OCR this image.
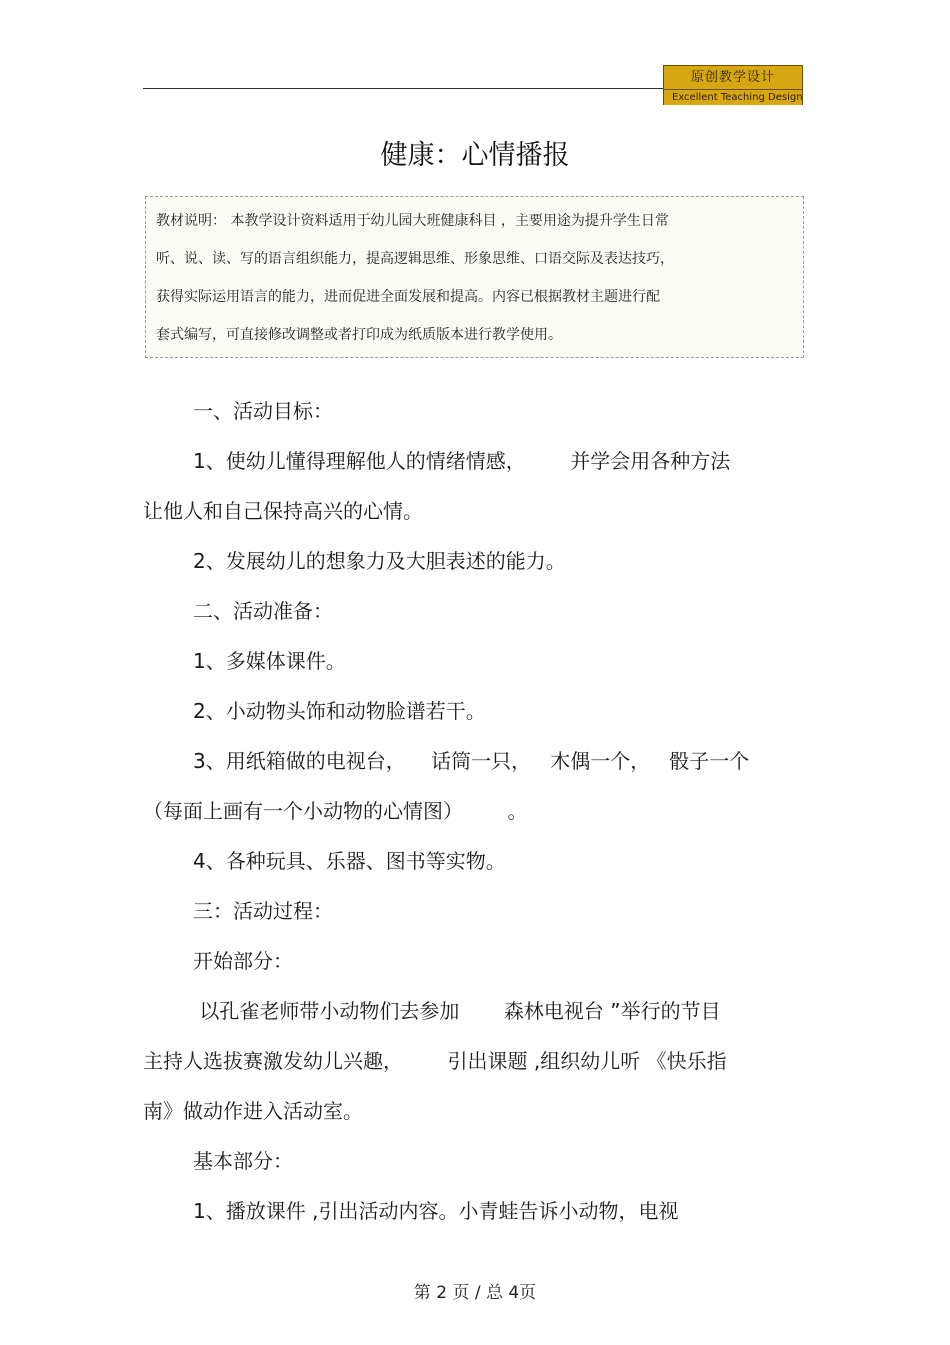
原创教学设计
Excellent Teaching Design
健康：心情播报
教材说明： 本教学设计资料适用于幼儿园大班健康科目 ，主要用途为提升学生日常
听、说、读、写的语言组织能力，提高逻辑思维、形象思维、口语交际及表达技巧，
获得实际运用语言的能力，进而促进全面发展和提高。内容已根据教材主题进行配
套式编写，可直接修改调整或者打印成为纸质版本进行教学使用。
一、活动目标：
1、使幼儿懂得理解他人的情绪情感，       并学会用各种方法
让他人和自己保持高兴的心情。
2、发展幼儿的想象力及大胆表述的能力。
二、活动准备：
1、多媒体课件。
2、小动物头饰和动物脸谱若干。
3、用纸箱做的电视台，    话筒一只，   木偶一个，   骰子一个
（每面上画有一个小动物的心情图）       。
4、各种玩具、乐器、图书等实物。
三：活动过程：
开始部分：
以孔雀老师带小动物们去参加       森林电视台 ”举行的节目
主持人选拔赛激发幼儿兴趣，       引出课题 ,组织幼儿听 《快乐指
南》做动作进入活动室。
基本部分：
1、播放课件 ,引出活动内容。小青蛙告诉小动物，电视
第 2 页 / 总 4页
